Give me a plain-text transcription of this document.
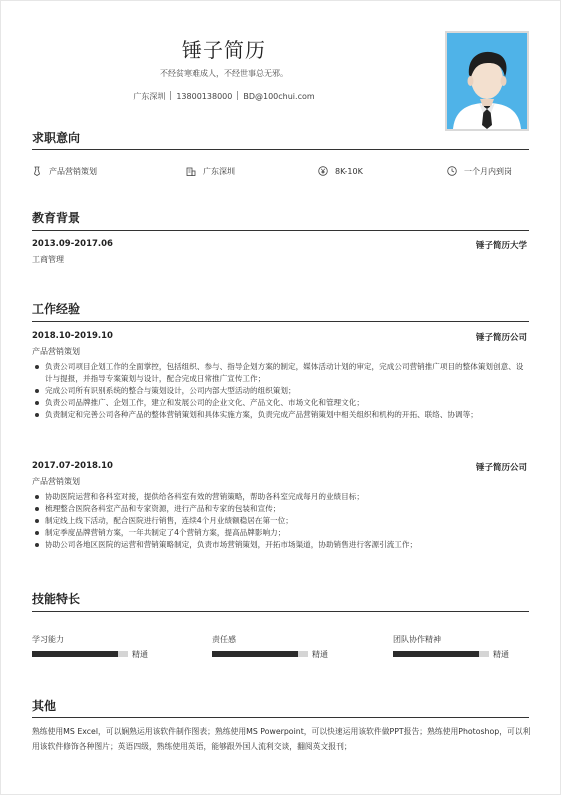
锤子简历
不经贫寒难成人，不经世事总无邪。
广东深圳 13800138000 BD@100chui.com
求职意向
产品营销策划	广东深圳	8K-10K	一个月内到岗
教育背景
2013.09-2017.06	锤子简历大学
工商管理
工作经验
2018.10-2019.10	锤子简历公司
产品营销策划
负责公司项目企划工作的全面掌控，包括组织、参与、指导企划方案的制定，媒体活动计划的审定，完成公司营销推广项目的整体策划创意、设计与提报，并指导专案策划与设计，配合完成日常推广宣传工作；
完成公司所有识别系统的整合与策划设计，公司内部大型活动的组织策划；
负责公司品牌推广、企划工作，建立和发展公司的企业文化、产品文化、市场文化和管理文化；
负责制定和完善公司各种产品的整体营销策划和具体实施方案，负责完成产品营销策划中相关组织和机构的开拓、联络、协调等；
2017.07-2018.10	锤子简历公司
产品营销策划
协助医院运营和各科室对接，提供给各科室有效的营销策略，帮助各科室完成每月的业绩目标；
梳理整合医院各科室产品和专家资源，进行产品和专家的包装和宣传；
制定线上线下活动，配合医院进行销售，连续4个月业绩额稳居在第一位；
制定季度品牌营销方案，一年共制定了4个营销方案，提高品牌影响力；
协助公司各地区医院的运营和营销策略制定，负责市场营销策划，开拓市场渠道，协助销售进行客源引流工作；
技能特长
学习能力
精通
责任感
精通
团队协作精神
精通
其他
熟练使用MS Excel，可以娴熟运用该软件制作图表；熟练使用MS Powerpoint，可以快速运用该软件做PPT报告；熟练使用Photoshop，可以利用该软件修饰各种图片；英语四级，熟练使用英语，能够跟外国人流利交谈，翻阅英文报刊；
